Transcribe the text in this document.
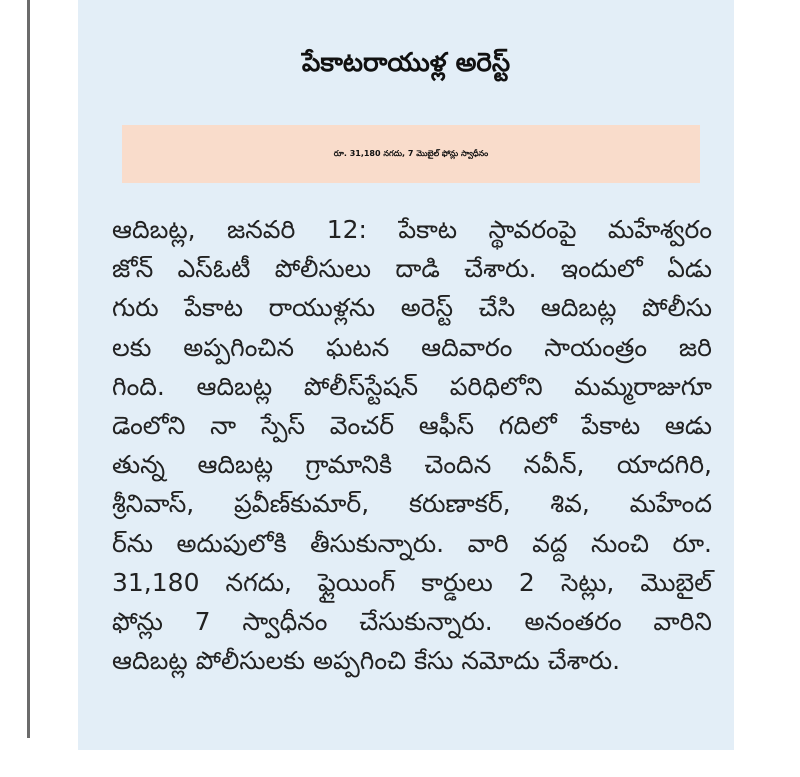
పేకాటరాయుళ్ల అరెస్ట్
రూ. 31,180 నగదు, 7 మొబైల్ ఫోన్లు స్వాధీనం
ఆదిబట్ల, జనవరి 12: పేకాట స్థావరంపై మహేశ్వరం
జోన్ ఎస్ఓటీ పోలీసులు దాడి చేశారు. ఇందులో ఏడు
గురు పేకాట రాయుళ్లను అరెస్ట్ చేసి ఆదిబట్ల పోలీసు
లకు అప్పగించిన ఘటన ఆదివారం సాయంత్రం జరి
గింది. ఆదిబట్ల పోలీస్‌స్టేషన్ పరిధిలోని మమ్మరాజుగూ
డెంలోని నా స్పేస్ వెంచర్ ఆఫీస్ గదిలో పేకాట ఆడు
తున్న ఆదిబట్ల గ్రామానికి చెందిన నవీన్, యాదగిరి,
శ్రీనివాస్, ప్రవీణ్‌కుమార్, కరుణాకర్, శివ, మహేంద
ర్‌ను అదుపులోకి తీసుకున్నారు. వారి వద్ద నుంచి రూ.
31,180 నగదు, ఫ్లైయింగ్ కార్డులు 2 సెట్లు, మొబైల్
ఫోన్లు 7 స్వాధీనం చేసుకున్నారు. అనంతరం వారిని
ఆదిబట్ల పోలీసులకు అప్పగించి కేసు నమోదు చేశారు.
